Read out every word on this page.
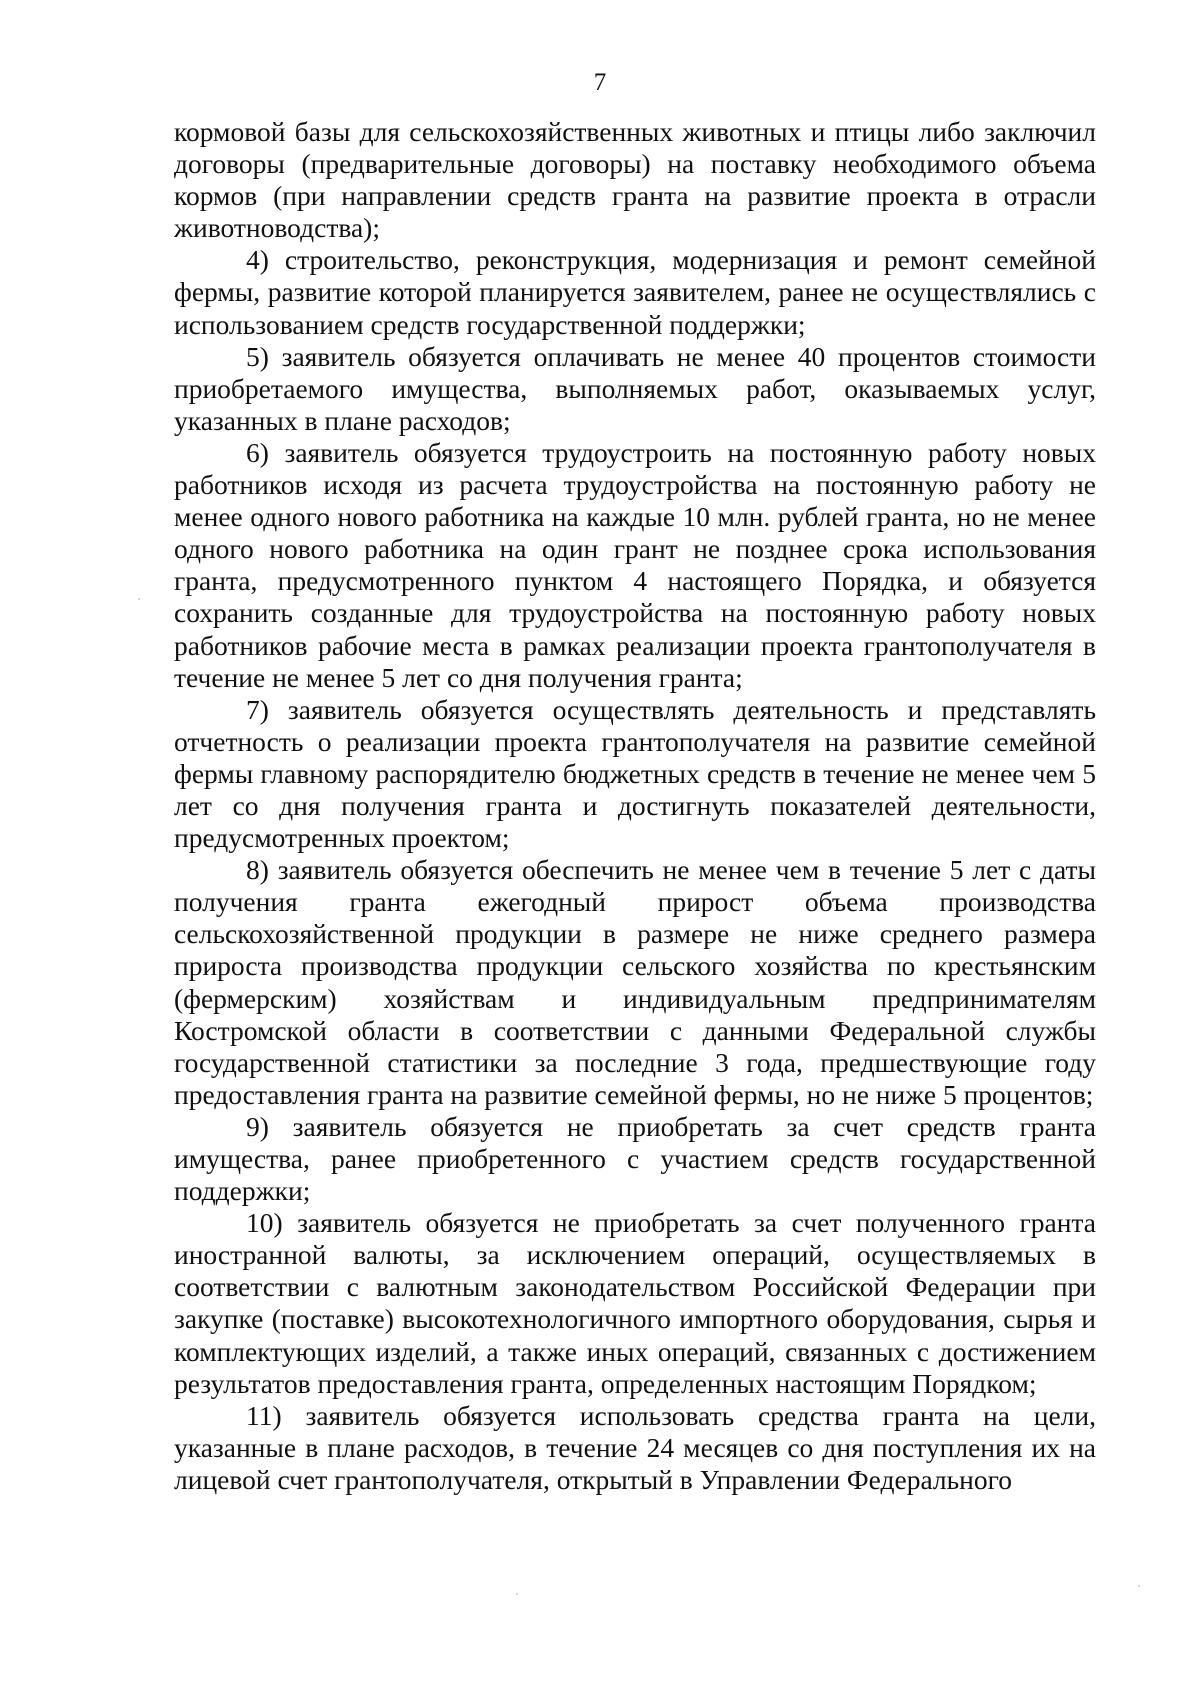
7

кормовой базы для сельскохозяйственных животных и птицы либо заключил договоры (предварительные договоры) на поставку необходимого объема кормов (при направлении средств гранта на развитие проекта в отрасли животноводства);

4) строительство, реконструкция, модернизация и ремонт семейной фермы, развитие которой планируется заявителем, ранее не осуществлялись с использованием средств государственной поддержки;

5) заявитель обязуется оплачивать не менее 40 процентов стоимости приобретаемого имущества, выполняемых работ, оказываемых услуг, указанных в плане расходов;

6) заявитель обязуется трудоустроить на постоянную работу новых работников исходя из расчета трудоустройства на постоянную работу не менее одного нового работника на каждые 10 млн. рублей гранта, но не менее одного нового работника на один грант не позднее срока использования гранта, предусмотренного пунктом 4 настоящего Порядка, и обязуется сохранить созданные для трудоустройства на постоянную работу новых работников рабочие места в рамках реализации проекта грантополучателя в течение не менее 5 лет со дня получения гранта;

7) заявитель обязуется осуществлять деятельность и представлять отчетность о реализации проекта грантополучателя на развитие семейной фермы главному распорядителю бюджетных средств в течение не менее чем 5 лет со дня получения гранта и достигнуть показателей деятельности, предусмотренных проектом;

8) заявитель обязуется обеспечить не менее чем в течение 5 лет с даты получения гранта ежегодный прирост объема производства сельскохозяйственной продукции в размере не ниже среднего размера прироста производства продукции сельского хозяйства по крестьянским (фермерским) хозяйствам и индивидуальным предпринимателям Костромской области в соответствии с данными Федеральной службы государственной статистики за последние 3 года, предшествующие году предоставления гранта на развитие семейной фермы, но не ниже 5 процентов;

9) заявитель обязуется не приобретать за счет средств гранта имущества, ранее приобретенного с участием средств государственной поддержки;

10) заявитель обязуется не приобретать за счет полученного гранта иностранной валюты, за исключением операций, осуществляемых в соответствии с валютным законодательством Российской Федерации при закупке (поставке) высокотехнологичного импортного оборудования, сырья и комплектующих изделий, а также иных операций, связанных с достижением результатов предоставления гранта, определенных настоящим Порядком;

11) заявитель обязуется использовать средства гранта на цели, указанные в плане расходов, в течение 24 месяцев со дня поступления их на лицевой счет грантополучателя, открытый в Управлении Федерального
